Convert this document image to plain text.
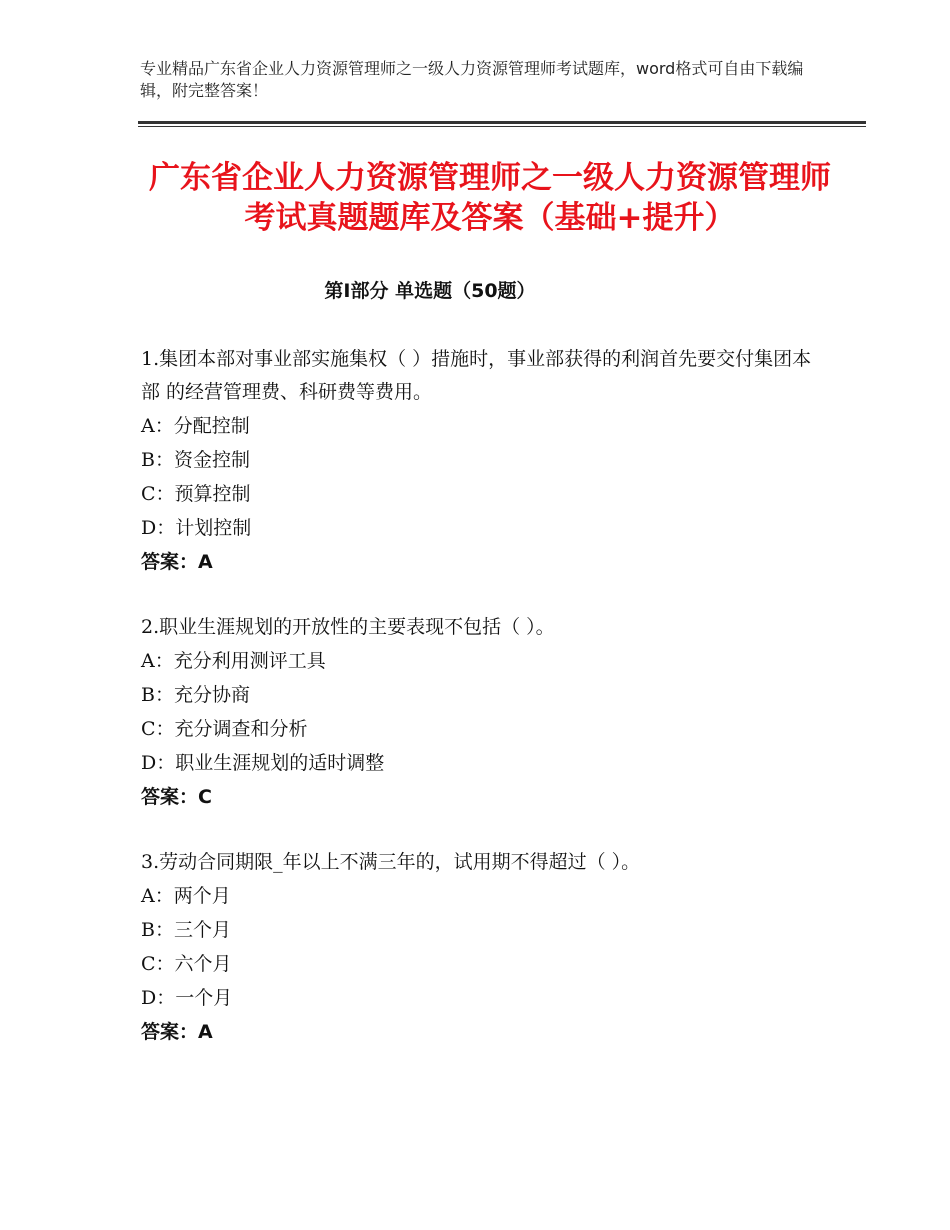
专业精品广东省企业人力资源管理师之一级人力资源管理师考试题库，word格式可自由下载编辑，附完整答案！
广东省企业人力资源管理师之一级人力资源管理师考试真题题库及答案（基础+提升）
第Ⅰ部分 单选题（50题）
1.集团本部对事业部实施集权（ ）措施时，事业部获得的利润首先要交付集团本部 的经营管理费、科研费等费用。
A：分配控制
B：资金控制
C：预算控制
D：计划控制
答案：A
2.职业生涯规划的开放性的主要表现不包括（ ）。
A：充分利用测评工具
B：充分协商
C：充分调查和分析
D：职业生涯规划的适时调整
答案：C
3.劳动合同期限_年以上不满三年的，试用期不得超过（ ）。
A：两个月
B：三个月
C：六个月
D：一个月
答案：A
